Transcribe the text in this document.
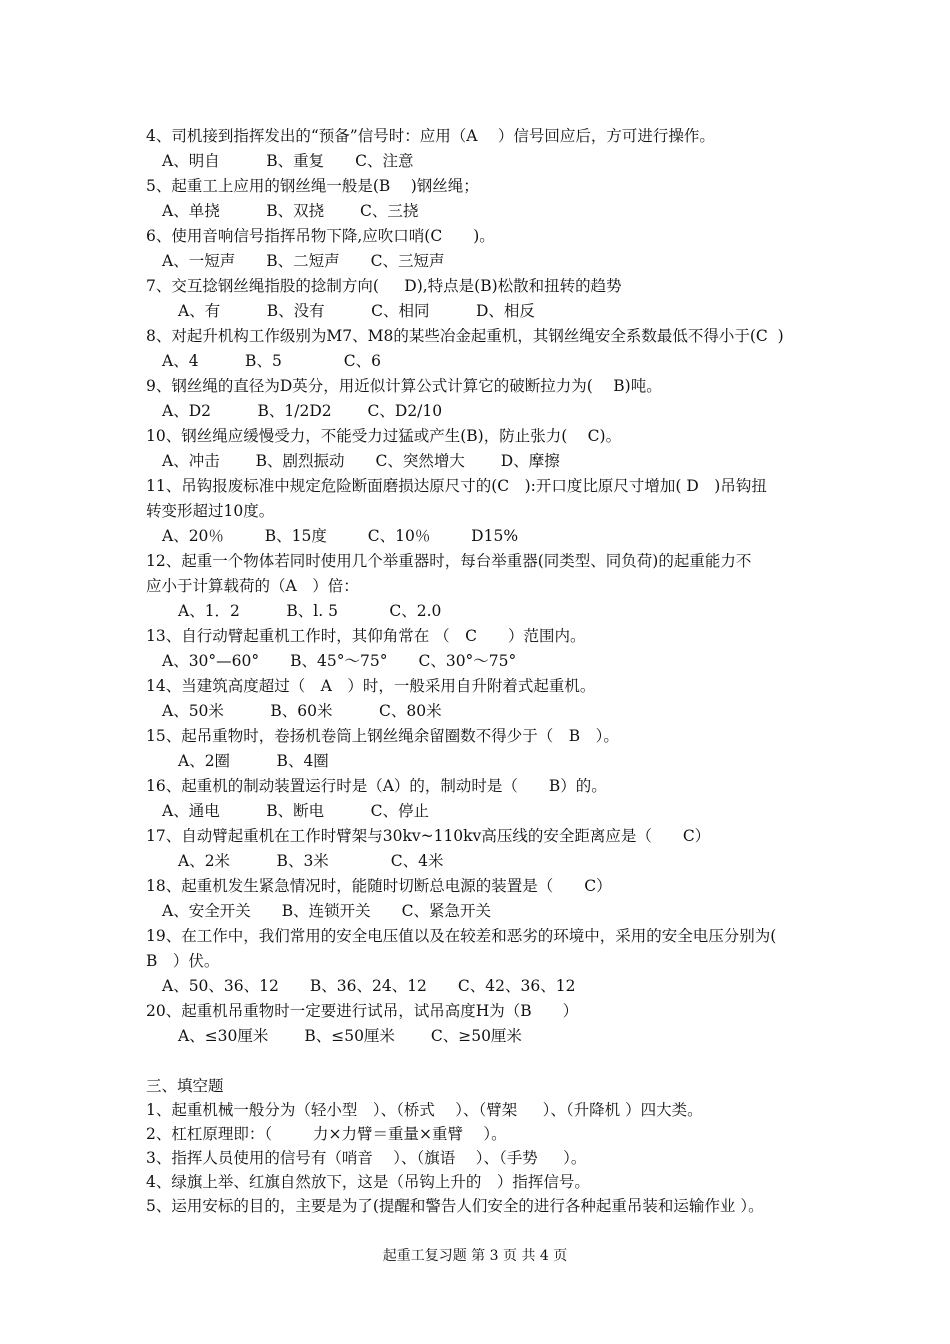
4、司机接到指挥发出的“预备”信号时：应用（A　 ）信号回应后，方可进行操作。
A、明自　　　B、重复　　C、注意
5、起重工上应用的钢丝绳一般是(B　 )钢丝绳；
A、单挠　　　B、双挠　　 C、三挠
6、使用音响信号指挥吊物下降,应吹口哨(C　　)。
A、一短声　　B、二短声　　C、三短声
7、交互捻钢丝绳指股的捻制方向(　  D),特点是(B)松散和扭转的趋势
A、有　　　B、没有　　　C、相同　　　D、相反
8、对起升机构工作级别为M7、M8的某些冶金起重机，其钢丝绳安全系数最低不得小于(C  )
A、4　　　B、5　　　　C、6
9、钢丝绳的直径为D英分，用近似计算公式计算它的破断拉力为(　 B)吨。
A、D2　　　B、1/2D2　　 C、D2/10
10、钢丝绳应缓慢受力，不能受力过猛或产生(B)，防止张力(　 C)。
A、冲击　　 B、剧烈振动　　C、突然增大　　 D、摩擦
11、吊钩报废标准中规定危险断面磨损达原尺寸的(C　):开口度比原尺寸增加( D　)吊钩扭
转变形超过10度。
A、20％　　  B、15度　　  C、10％　　  D15%
12、起重一个物体若同时使用几个举重器时，每台举重器(同类型、同负荷)的起重能力不
应小于计算载荷的（A　）倍：
A、1．2　　　B、l. 5　　　 C、2.0
13、自行动臂起重机工作时，其仰角常在 （　C　　）范围内。
A、30°—60°　　B、45°～75°　　C、30°～75°
14、当建筑高度超过（　A　）时，一般采用自升附着式起重机。
A、50米　　　B、60米　　　C、80米
15、起吊重物时，卷扬机卷筒上钢丝绳余留圈数不得少于（　B　）。
A、2圈　　　B、4圈
16、起重机的制动装置运行时是（A）的，制动时是（　　B）的。
A、通电　　　B、断电　　　C、停止
17、自动臂起重机在工作时臂架与30kv~110kv高压线的安全距离应是（　　C）
A、2米　　　B、3米　　　　C、4米
18、起重机发生紧急情况时，能随时切断总电源的装置是（　　C）
A、安全开关　　B、连锁开关　　C、紧急开关
19、在工作中，我们常用的安全电压值以及在较差和恶劣的环境中，采用的安全电压分别为(
B　）伏。
A、50、36、12　　B、36、24、12　　C、42、36、12
20、起重机吊重物时一定要进行试吊，试吊高度H为（B　　）
A、≤30厘米　　 B、≤50厘米　　 C、≥50厘米
三、填空题
1、起重机械一般分为（轻小型　）、（桥式　 ）、（臂架　  ）、（升降机 ）四大类。
2、杠杠原理即：（　　  力×力臂＝重量×重臂　 ）。
3、指挥人员使用的信号有（哨音　 ）、（旗语　 ）、（手势　  ）。
4、绿旗上举、红旗自然放下，这是（吊钩上升的　）指挥信号。
5、运用安标的目的，主要是为了(提醒和警告人们安全的进行各种起重吊装和运输作业 ）。
起重工复习题 第 3 页 共 4 页
